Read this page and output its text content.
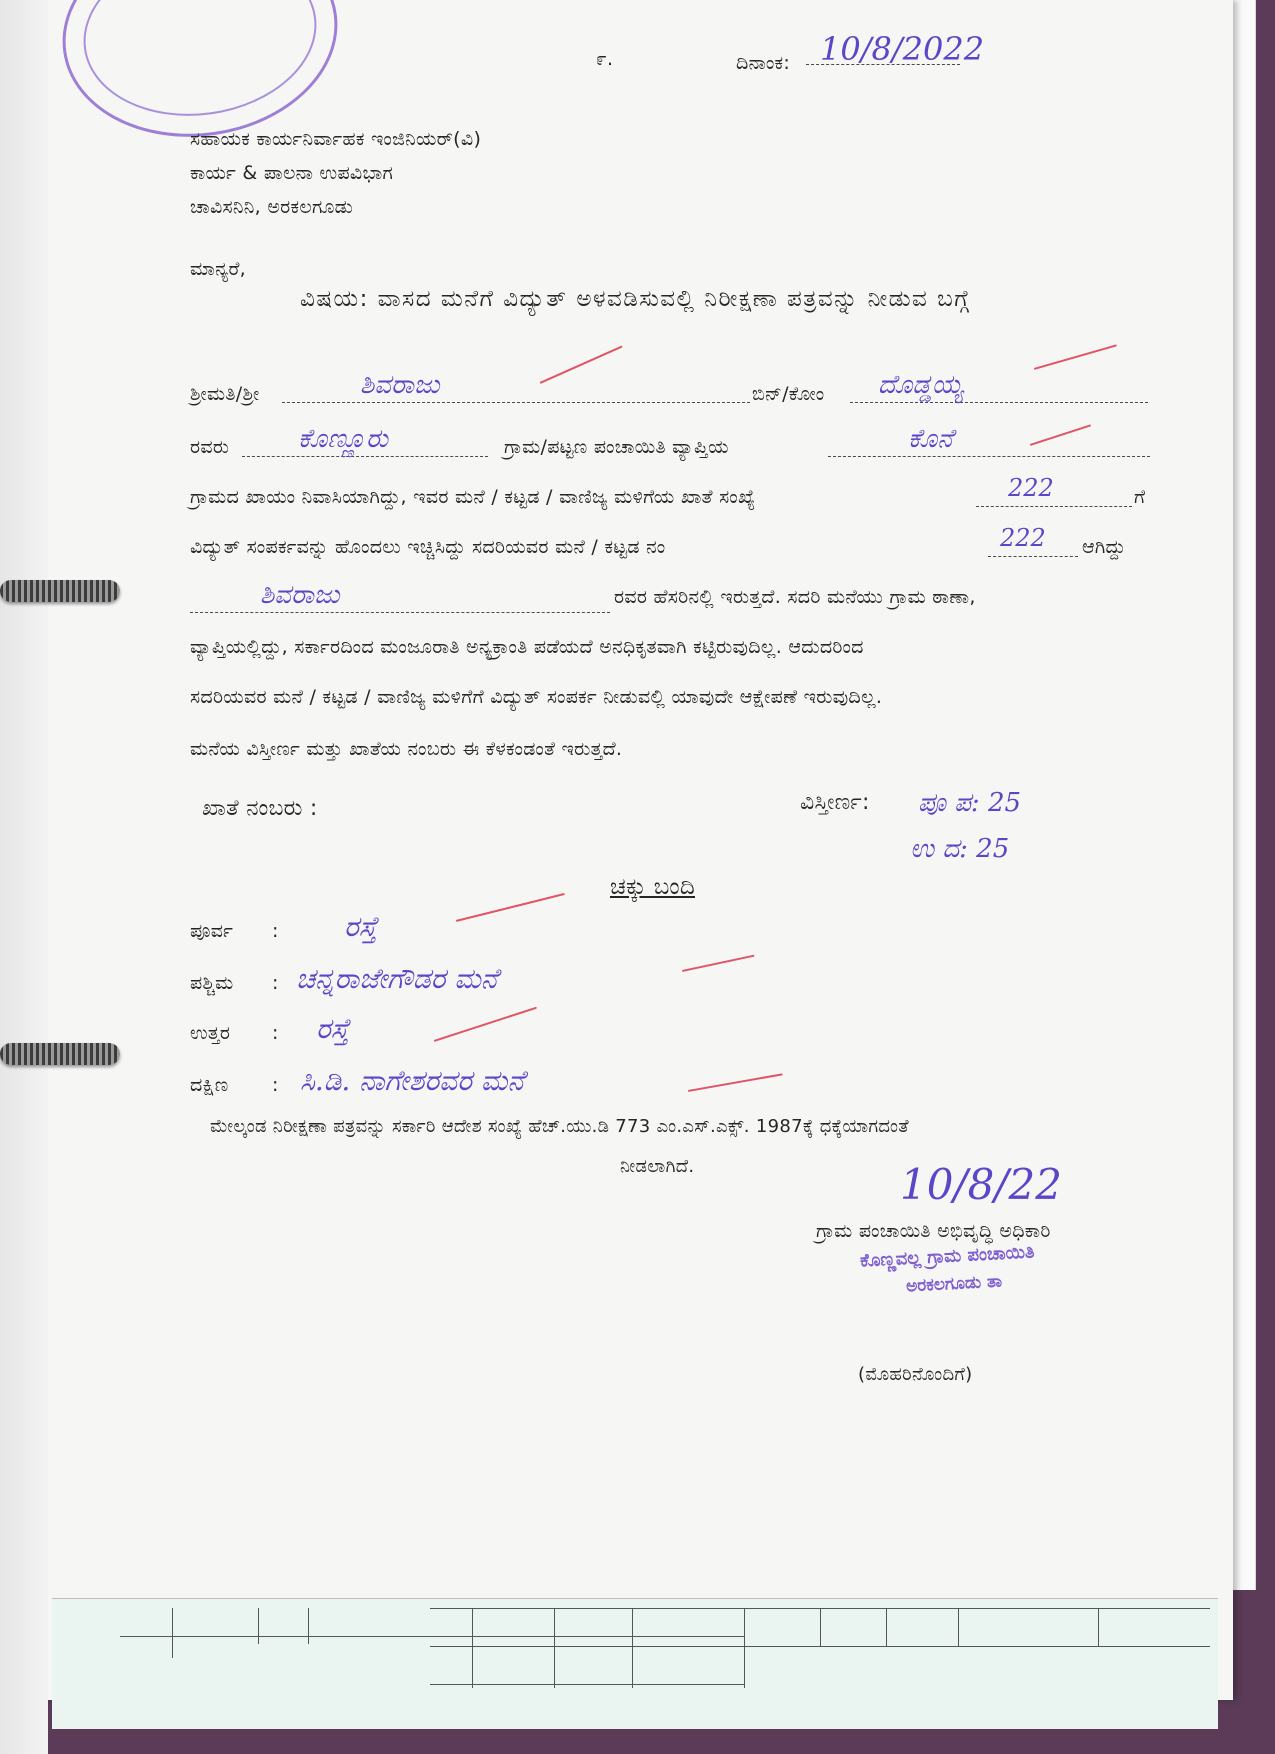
೯.	ದಿನಾಂಕ: 10/8/2022
ಸಹಾಯಕ ಕಾರ್ಯನಿರ್ವಾಹಕ ಇಂಜಿನಿಯರ್(ವಿ)
ಕಾರ್ಯ & ಪಾಲನಾ ಉಪವಿಭಾಗ
ಚಾವಿಸನಿನಿ, ಅರಕಲಗೂಡು
ಮಾನ್ಯರೆ,
ವಿಷಯ: ವಾಸದ ಮನೆಗೆ ವಿದ್ಯುತ್ ಅಳವಡಿಸುವಲ್ಲಿ ನಿರೀಕ್ಷಣಾ ಪತ್ರವನ್ನು ನೀಡುವ ಬಗ್ಗೆ
ಶ್ರೀಮತಿ/ಶ್ರೀ	ಶಿವರಾಜು	ಬಿನ್/ಕೋಂ ದೊಡ್ಡಯ್ಯ
ರವರು	ಕೊಣ್ಣೂರು	ಗ್ರಾಮ/ಪಟ್ಟಣ ಪಂಚಾಯಿತಿ ವ್ಯಾಪ್ತಿಯ	ಕೊನೆ
ಗ್ರಾಮದ ಖಾಯಂ ನಿವಾಸಿಯಾಗಿದ್ದು, ಇವರ ಮನೆ / ಕಟ್ಟಡ / ವಾಣಿಜ್ಯ ಮಳಿಗೆಯ ಖಾತೆ ಸಂಖ್ಯೆ	222	ಗೆ
ವಿದ್ಯುತ್ ಸಂಪರ್ಕವನ್ನು ಹೊಂದಲು ಇಚ್ಚಿಸಿದ್ದು ಸದರಿಯವರ ಮನೆ / ಕಟ್ಟಡ ನಂ	222 ಆಗಿದ್ದು
ಶಿವರಾಜು	ರವರ ಹೆಸರಿನಲ್ಲಿ ಇರುತ್ತದೆ. ಸದರಿ ಮನೆಯು ಗ್ರಾಮ ಠಾಣಾ,
ವ್ಯಾಪ್ತಿಯಲ್ಲಿದ್ದು, ಸರ್ಕಾರದಿಂದ ಮಂಜೂರಾತಿ ಅನ್ಯಕ್ರಾಂತಿ ಪಡೆಯದೆ ಅನಧಿಕೃತವಾಗಿ ಕಟ್ಟಿರುವುದಿಲ್ಲ. ಆದುದರಿಂದ
ಸದರಿಯವರ ಮನೆ / ಕಟ್ಟಡ / ವಾಣಿಜ್ಯ ಮಳಿಗೆಗೆ ವಿದ್ಯುತ್ ಸಂಪರ್ಕ ನೀಡುವಲ್ಲಿ ಯಾವುದೇ ಆಕ್ಷೇಪಣೆ ಇರುವುದಿಲ್ಲ.
ಮನೆಯ ವಿಸ್ತೀರ್ಣ ಮತ್ತು ಖಾತೆಯ ನಂಬರು ಈ ಕೆಳಕಂಡಂತೆ ಇರುತ್ತದೆ.
ಖಾತೆ ನಂಬರು :	ವಿಸ್ತೀರ್ಣ: ಪೂ ಪ: 25
ಉ ದ: 25
ಚಕ್ಕು ಬಂದಿ
ಪೂರ್ವ : ರಸ್ತೆ
ಪಶ್ಚಿಮ : ಚನ್ನರಾಜೇಗೌಡರ ಮನೆ
ಉತ್ತರ : ರಸ್ತೆ
ದಕ್ಷಿಣ : ಸಿ.ಡಿ. ನಾಗೇಶರವರ ಮನೆ
ಮೇಲ್ಕಂಡ ನಿರೀಕ್ಷಣಾ ಪತ್ರವನ್ನು ಸರ್ಕಾರಿ ಆದೇಶ ಸಂಖ್ಯೆ ಹೆಚ್.ಯು.ಡಿ 773 ಎಂ.ಎಸ್.ಎಕ್ಸ್. 1987ಕ್ಕೆ ಧಕ್ಕೆಯಾಗದಂತೆ
ನೀಡಲಾಗಿದೆ.	10/8/22
ಗ್ರಾಮ ಪಂಚಾಯಿತಿ ಅಭಿವೃದ್ಧಿ ಅಧಿಕಾರಿ
ಕೊಣ್ಣವಲ್ಲ ಗ್ರಾಮ ಪಂಚಾಯಿತಿ
ಅರಕಲಗೂಡು ತಾ
(ಮೊಹರಿನೊಂದಿಗೆ)
